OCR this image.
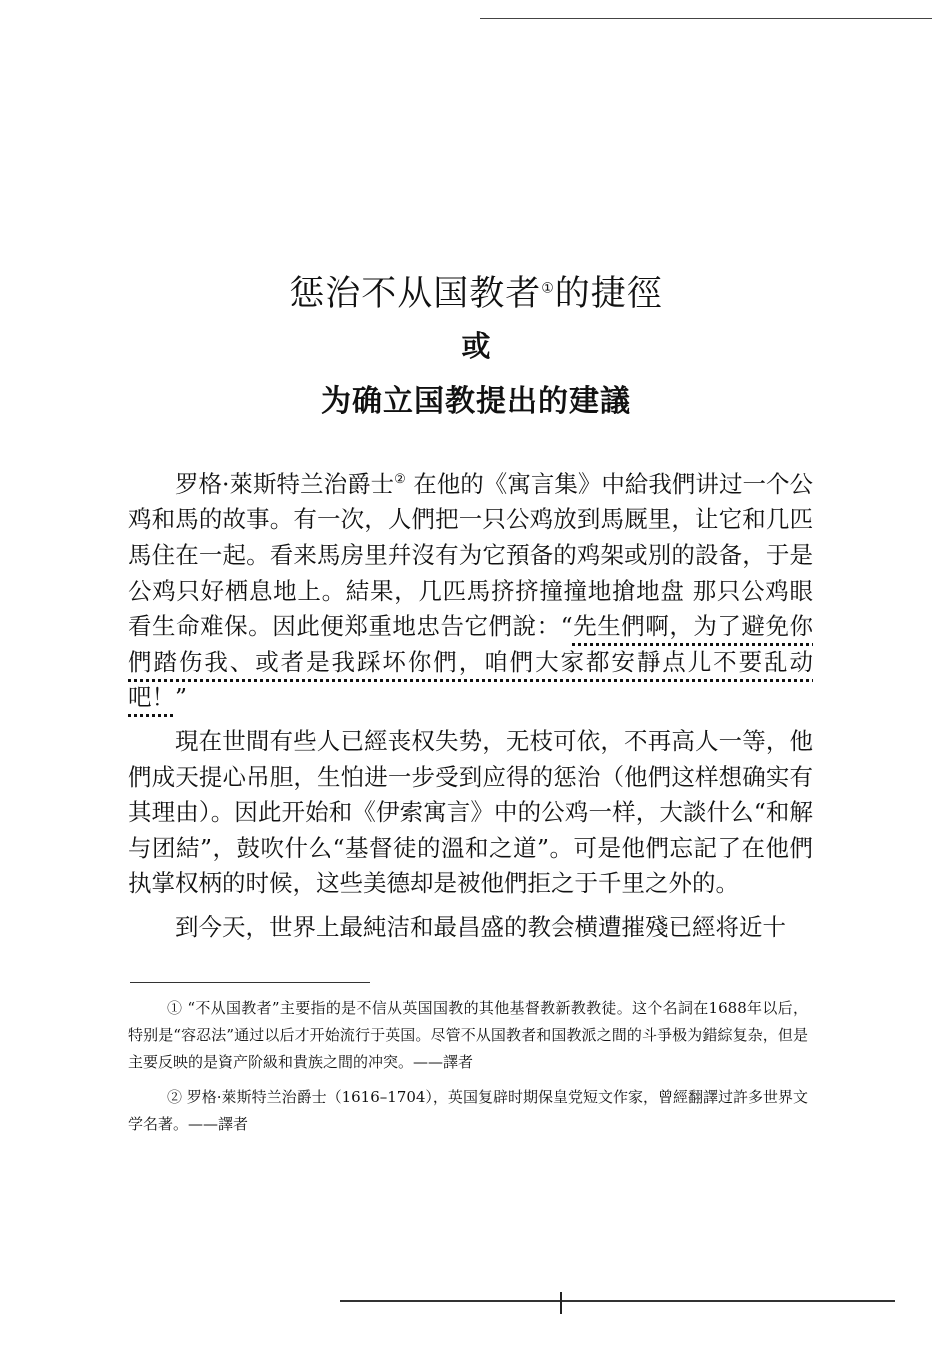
惩治不从国教者①的捷徑
或
为确立国教提出的建議

罗格·萊斯特兰治爵士② 在他的《寓言集》中給我們讲过一个公鸡和馬的故事。有一次，人們把一只公鸡放到馬厩里，让它和几匹馬住在一起。看来馬房里幷沒有为它預备的鸡架或別的設备，于是公鸡只好栖息地上。結果，几匹馬挤挤撞撞地搶地盘 那只公鸡眼看生命难保。因此便郑重地忠告它們說：“先生們啊，为了避免你們踏伤我、或者是我踩坏你們，咱們大家都安靜点儿不要乱动吧！”

現在世間有些人已經丧权失势，无枝可依，不再高人一等，他們成天提心吊胆，生怕进一步受到应得的惩治（他們这样想确实有其理由）。因此开始和《伊索寓言》中的公鸡一样，大談什么“和解与团結”，鼓吹什么“基督徒的溫和之道”。可是他們忘記了在他們执掌权柄的时候，这些美德却是被他們拒之于千里之外的。

到今天，世界上最純洁和最昌盛的教会横遭摧殘已經将近十

① “不从国教者”主要指的是不信从英国国教的其他基督教新教教徒。这个名詞在1688年以后，特别是“容忍法”通过以后才开始流行于英国。尽管不从国教者和国教派之間的斗爭极为錯綜复杂，但是主要反映的是資产阶級和貴族之間的冲突。——譯者

② 罗格·萊斯特兰治爵士（1616–1704），英国复辟时期保皇党短文作家，曾經翻譯过許多世界文学名著。——譯者
